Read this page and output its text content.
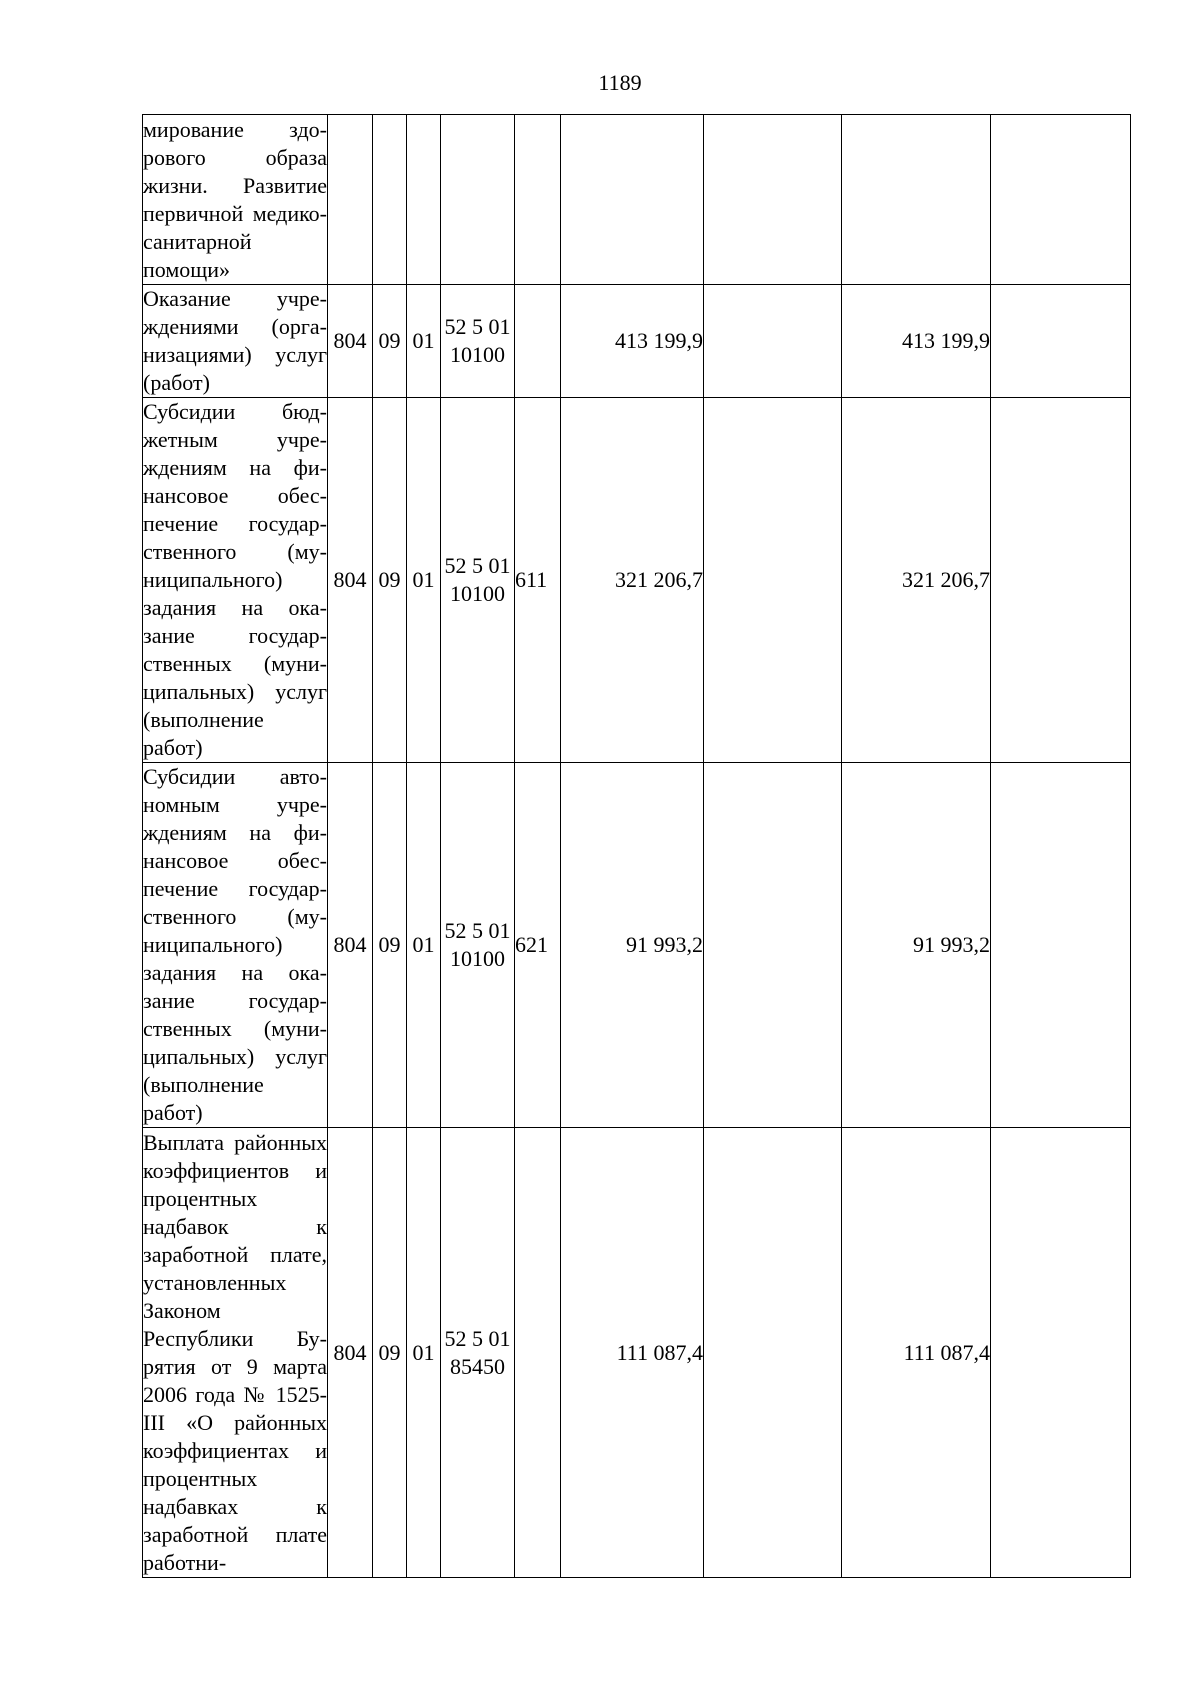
1189
мирование здорового образа жизни. Развитие первичной медико-санитарной помощи»									
Оказание учреждениями (организациями) услуг (работ)	804	09	01	52 5 01 10100		413 199,9		413 199,9	
Субсидии бюджетным учреждениям на финансовое обеспечение государственного (муниципального) задания на оказание государственных (муниципальных) услуг (выполнение работ)	804	09	01	52 5 01 10100	611	321 206,7		321 206,7	
Субсидии автономным учреждениям на финансовое обеспечение государственного (муниципального) задания на оказание государственных (муниципальных) услуг (выполнение работ)	804	09	01	52 5 01 10100	621	91 993,2		91 993,2	
Выплата районных коэффициентов и процентных надбавок к заработной плате, установленных Законом Республики Бурятия от 9 марта 2006 года № 1525-III «О районных коэффициентах и процентных надбавках к заработной плате работни-	804	09	01	52 5 01 85450		111 087,4		111 087,4	
